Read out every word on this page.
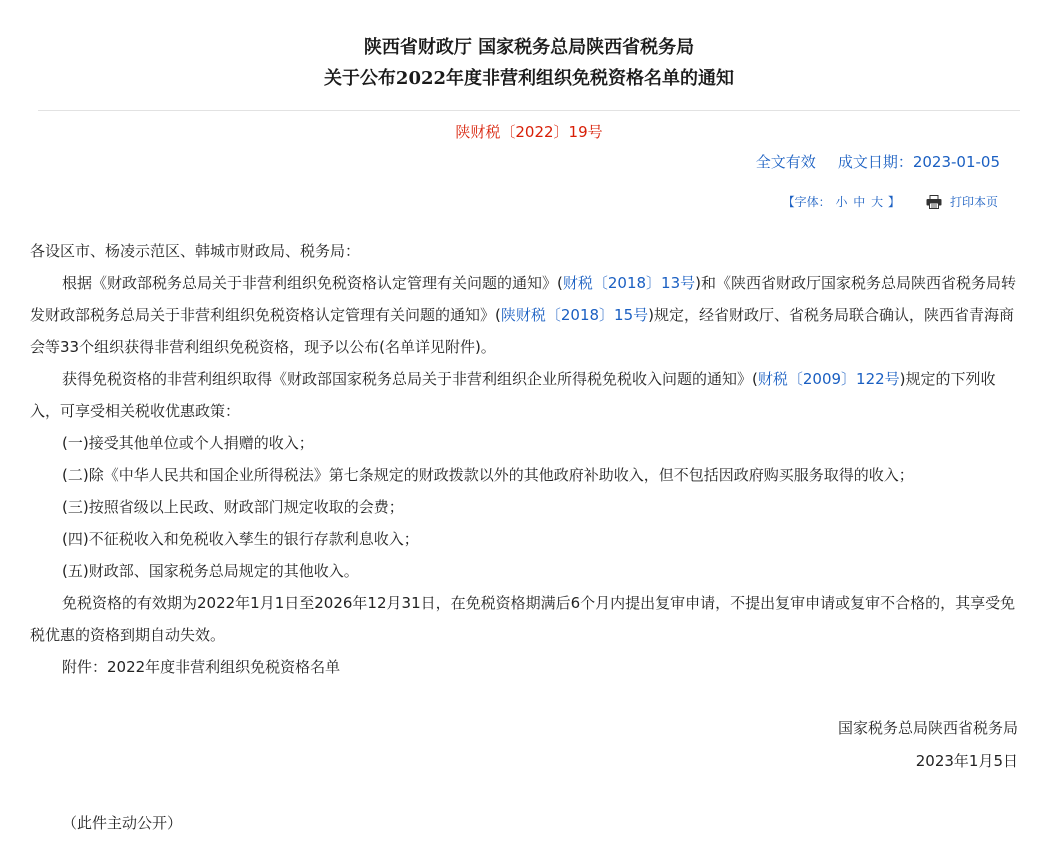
陕西省财政厅 国家税务总局陕西省税务局
关于公布2022年度非营利组织免税资格名单的通知
陕财税〔2022〕19号
全文有效 成文日期：2023-01-05
【字体： 小 中 大 】	打印本页

各设区市、杨凌示范区、韩城市财政局、税务局：

根据《财政部税务总局关于非营利组织免税资格认定管理有关问题的通知》(财税〔2018〕13号)和《陕西省财政厅国家税务总局陕西省税务局转发财政部税务总局关于非营利组织免税资格认定管理有关问题的通知》(陕财税〔2018〕15号)规定，经省财政厅、省税务局联合确认，陕西省青海商会等33个组织获得非营利组织免税资格，现予以公布(名单详见附件)。

获得免税资格的非营利组织取得《财政部国家税务总局关于非营利组织企业所得税免税收入问题的通知》(财税〔2009〕122号)规定的下列收入，可享受相关税收优惠政策：

(一)接受其他单位或个人捐赠的收入；

(二)除《中华人民共和国企业所得税法》第七条规定的财政拨款以外的其他政府补助收入，但不包括因政府购买服务取得的收入；

(三)按照省级以上民政、财政部门规定收取的会费；

(四)不征税收入和免税收入孳生的银行存款利息收入；

(五)财政部、国家税务总局规定的其他收入。

免税资格的有效期为2022年1月1日至2026年12月31日，在免税资格期满后6个月内提出复审申请，不提出复审申请或复审不合格的，其享受免税优惠的资格到期自动失效。

附件：2022年度非营利组织免税资格名单

国家税务总局陕西省税务局
2023年1月5日
（此件主动公开）
